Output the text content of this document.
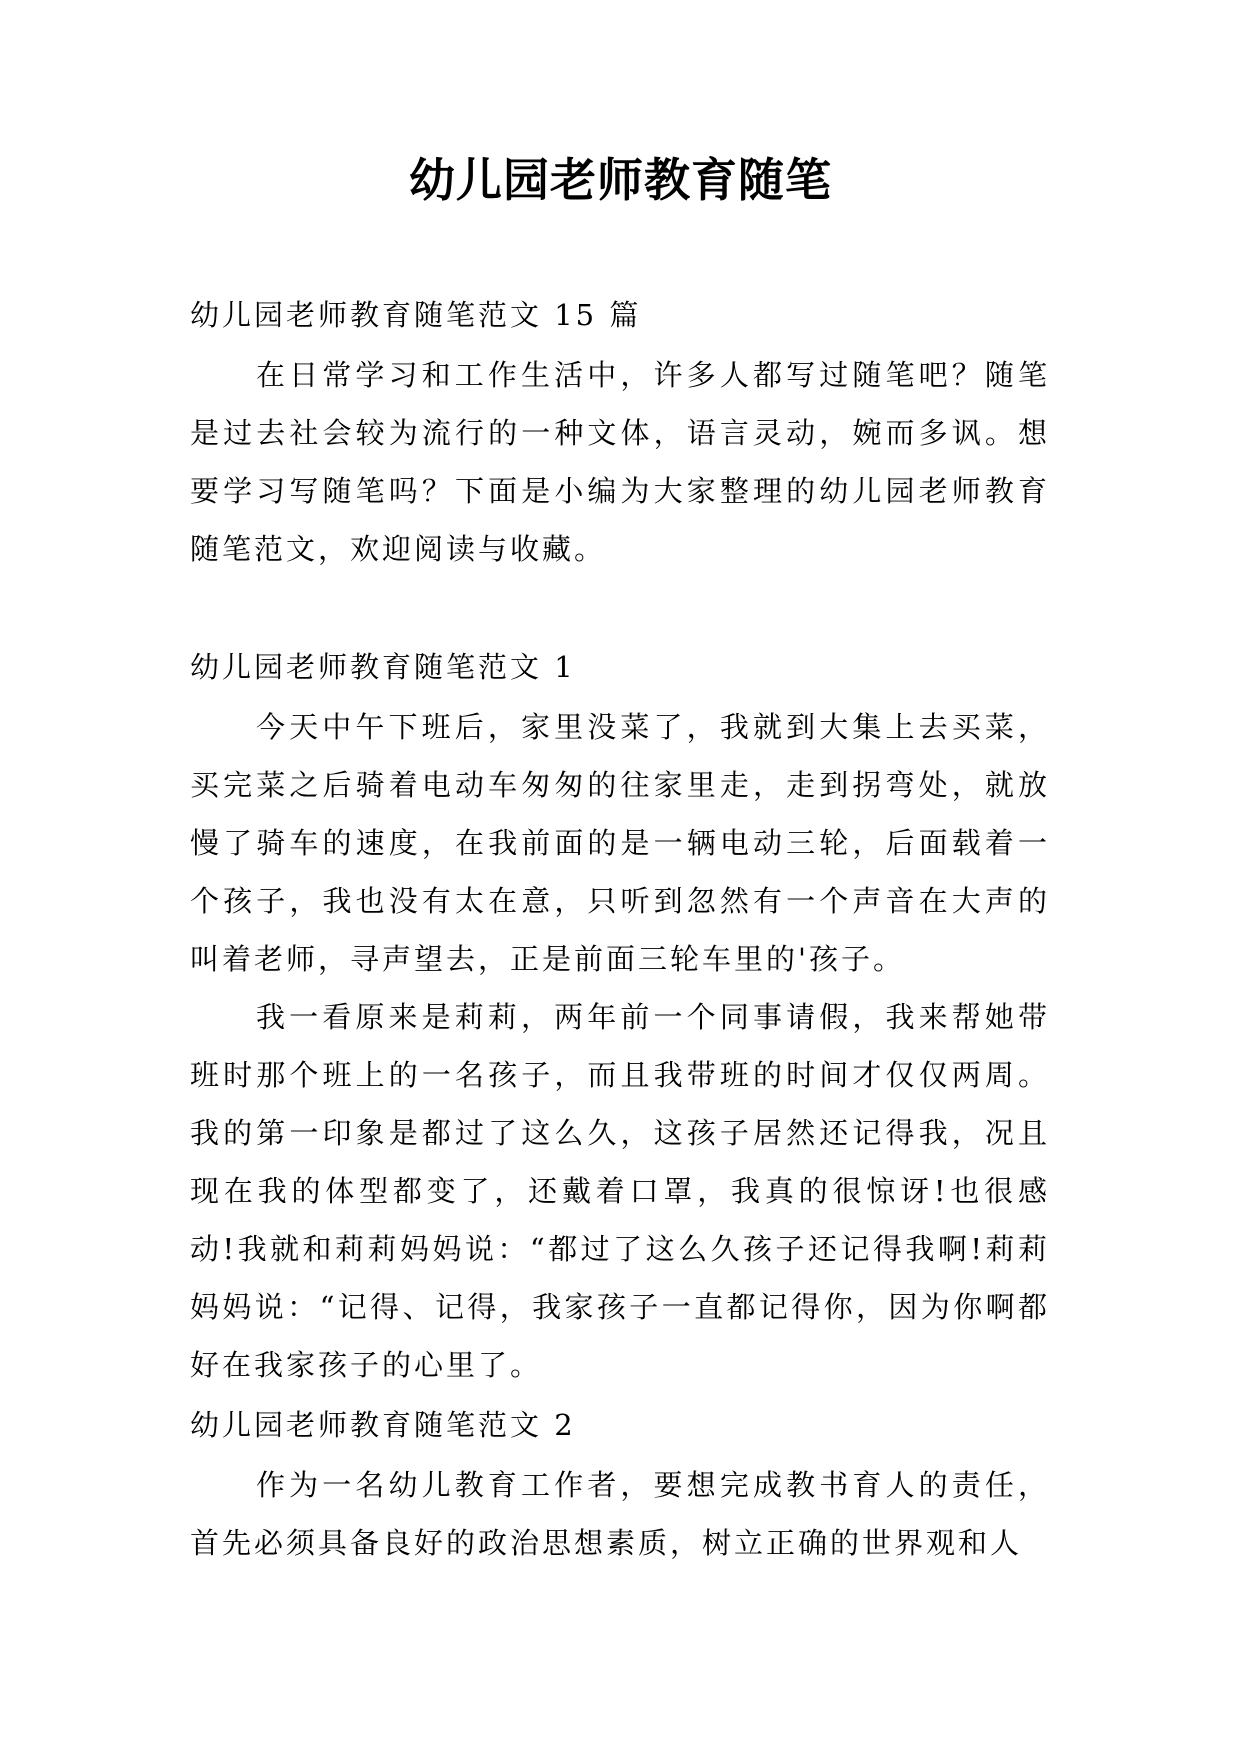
幼儿园老师教育随笔
幼儿园老师教育随笔范文 15 篇

在日常学习和工作生活中，许多人都写过随笔吧？随笔是过去社会较为流行的一种文体，语言灵动，婉而多讽。想要学习写随笔吗？下面是小编为大家整理的幼儿园老师教育随笔范文，欢迎阅读与收藏。

幼儿园老师教育随笔范文 1

今天中午下班后，家里没菜了，我就到大集上去买菜，买完菜之后骑着电动车匆匆的往家里走，走到拐弯处，就放慢了骑车的速度，在我前面的是一辆电动三轮，后面载着一个孩子，我也没有太在意，只听到忽然有一个声音在大声的叫着老师，寻声望去，正是前面三轮车里的'孩子。

我一看原来是莉莉，两年前一个同事请假，我来帮她带班时那个班上的一名孩子，而且我带班的时间才仅仅两周。我的第一印象是都过了这么久，这孩子居然还记得我，况且现在我的体型都变了，还戴着口罩，我真的很惊讶!也很感动!我就和莉莉妈妈说：“都过了这么久孩子还记得我啊!莉莉妈妈说：“记得、记得，我家孩子一直都记得你，因为你啊都好在我家孩子的心里了。

幼儿园老师教育随笔范文 2

作为一名幼儿教育工作者，要想完成教书育人的责任，首先必须具备良好的政治思想素质，树立正确的世界观和人
